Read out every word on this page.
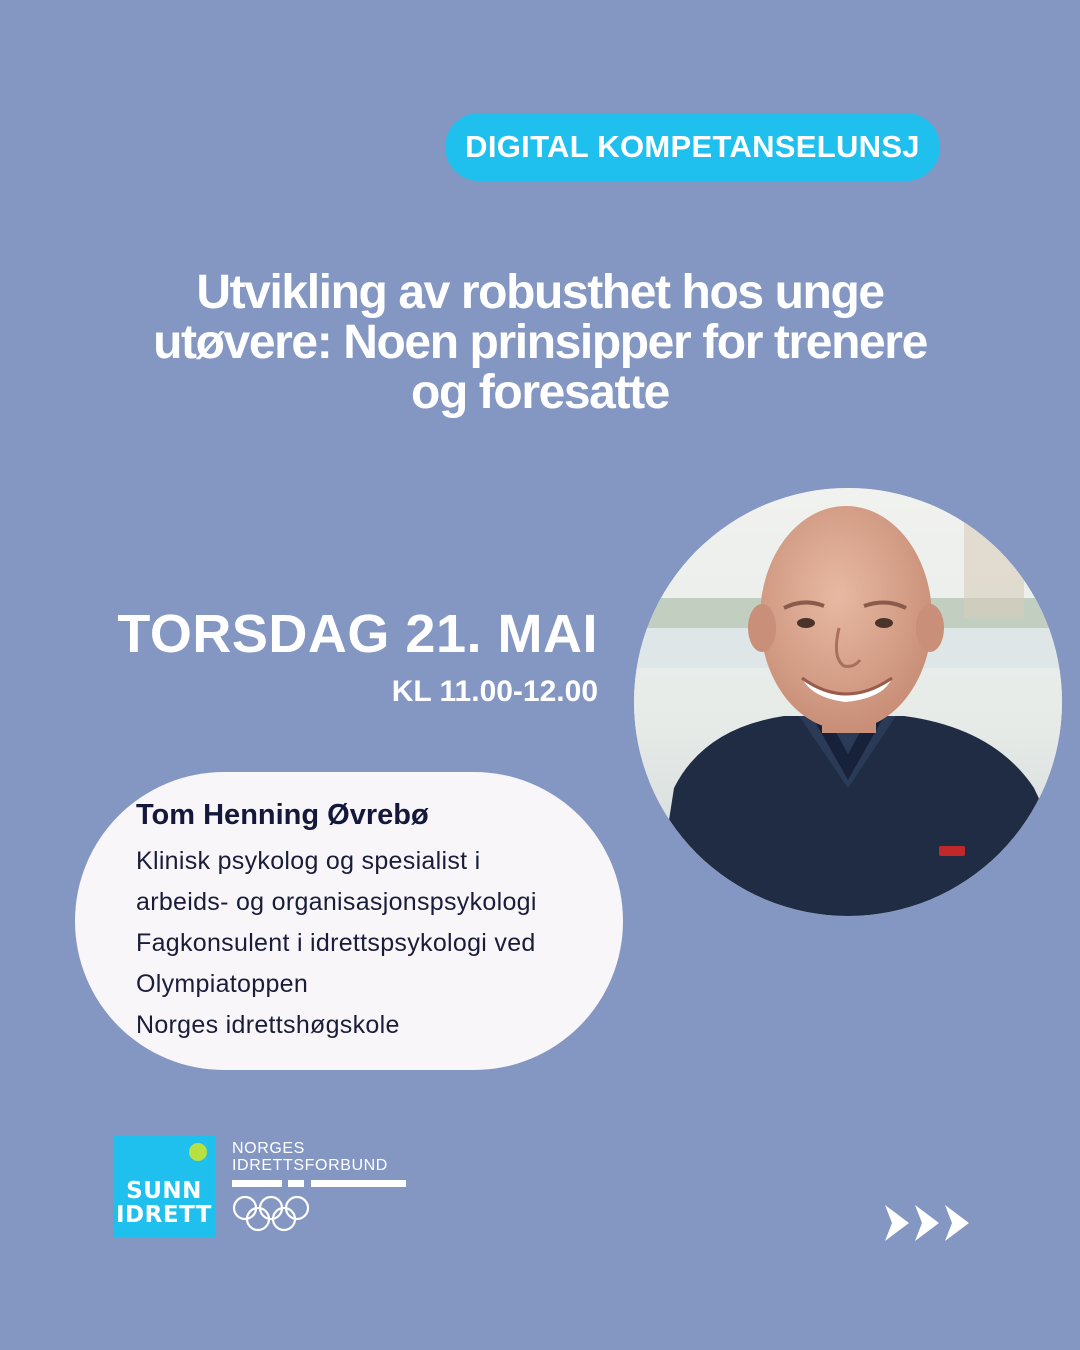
DIGITAL KOMPETANSELUNSJ
Utvikling av robusthet hos unge
utøvere: Noen prinsipper for trenere
og foresatte
TORSDAG 21. MAI
KL 11.00-12.00
Tom Henning Øvrebø
Klinisk psykolog og spesialist i
arbeids- og organisasjonspsykologi
Fagkonsulent i idrettspsykologi ved
Olympiatoppen
Norges idrettshøgskole
SUNN
IDRETT
NORGES
IDRETTSFORBUND
